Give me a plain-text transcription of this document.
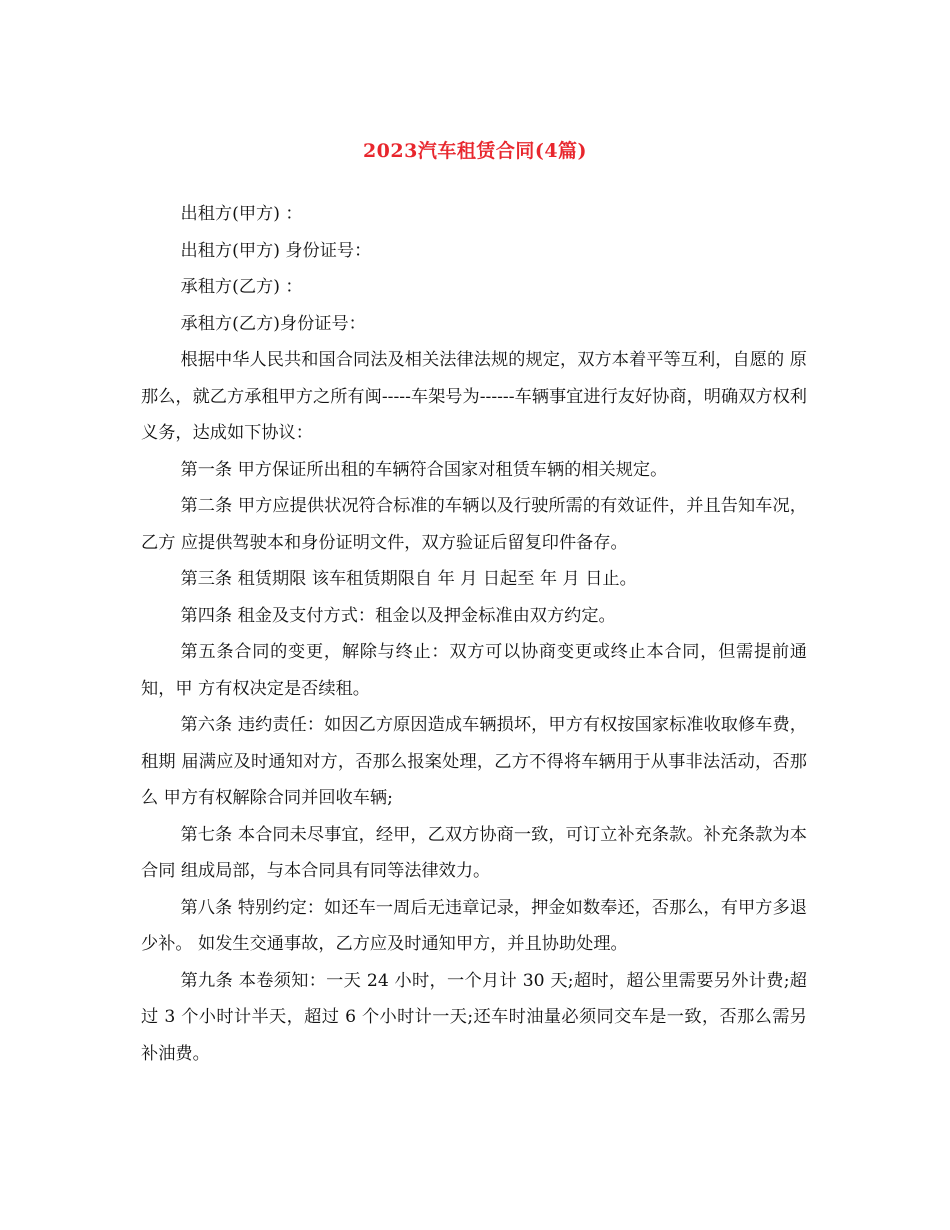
2023汽车租赁合同(4篇)

出租方(甲方) ：

出租方(甲方) 身份证号：

承租方(乙方) ：

承租方(乙方)身份证号：

根据中华人民共和国合同法及相关法律法规的规定，双方本着平等互利，自愿的 原那么，就乙方承租甲方之所有闽-----车架号为------车辆事宜进行友好协商，明确双方权利义务，达成如下协议：

第一条 甲方保证所出租的车辆符合国家对租赁车辆的相关规定。

第二条 甲方应提供状况符合标准的车辆以及行驶所需的有效证件，并且告知车况，乙方 应提供驾驶本和身份证明文件，双方验证后留复印件备存。

第三条 租赁期限 该车租赁期限自 年 月 日起至 年 月 日止。

第四条 租金及支付方式：租金以及押金标准由双方约定。

第五条合同的变更，解除与终止：双方可以协商变更或终止本合同，但需提前通知，甲 方有权决定是否续租。

第六条 违约责任：如因乙方原因造成车辆损坏，甲方有权按国家标准收取修车费，租期 届满应及时通知对方，否那么报案处理，乙方不得将车辆用于从事非法活动，否那么 甲方有权解除合同并回收车辆;

第七条 本合同未尽事宜，经甲，乙双方协商一致，可订立补充条款。补充条款为本合同 组成局部，与本合同具有同等法律效力。

第八条 特别约定：如还车一周后无违章记录，押金如数奉还，否那么，有甲方多退少补。 如发生交通事故，乙方应及时通知甲方，并且协助处理。

第九条 本卷须知：一天 24 小时，一个月计 30 天;超时，超公里需要另外计费;超过 3 个小时计半天，超过 6 个小时计一天;还车时油量必须同交车是一致，否那么需另 补油费。
